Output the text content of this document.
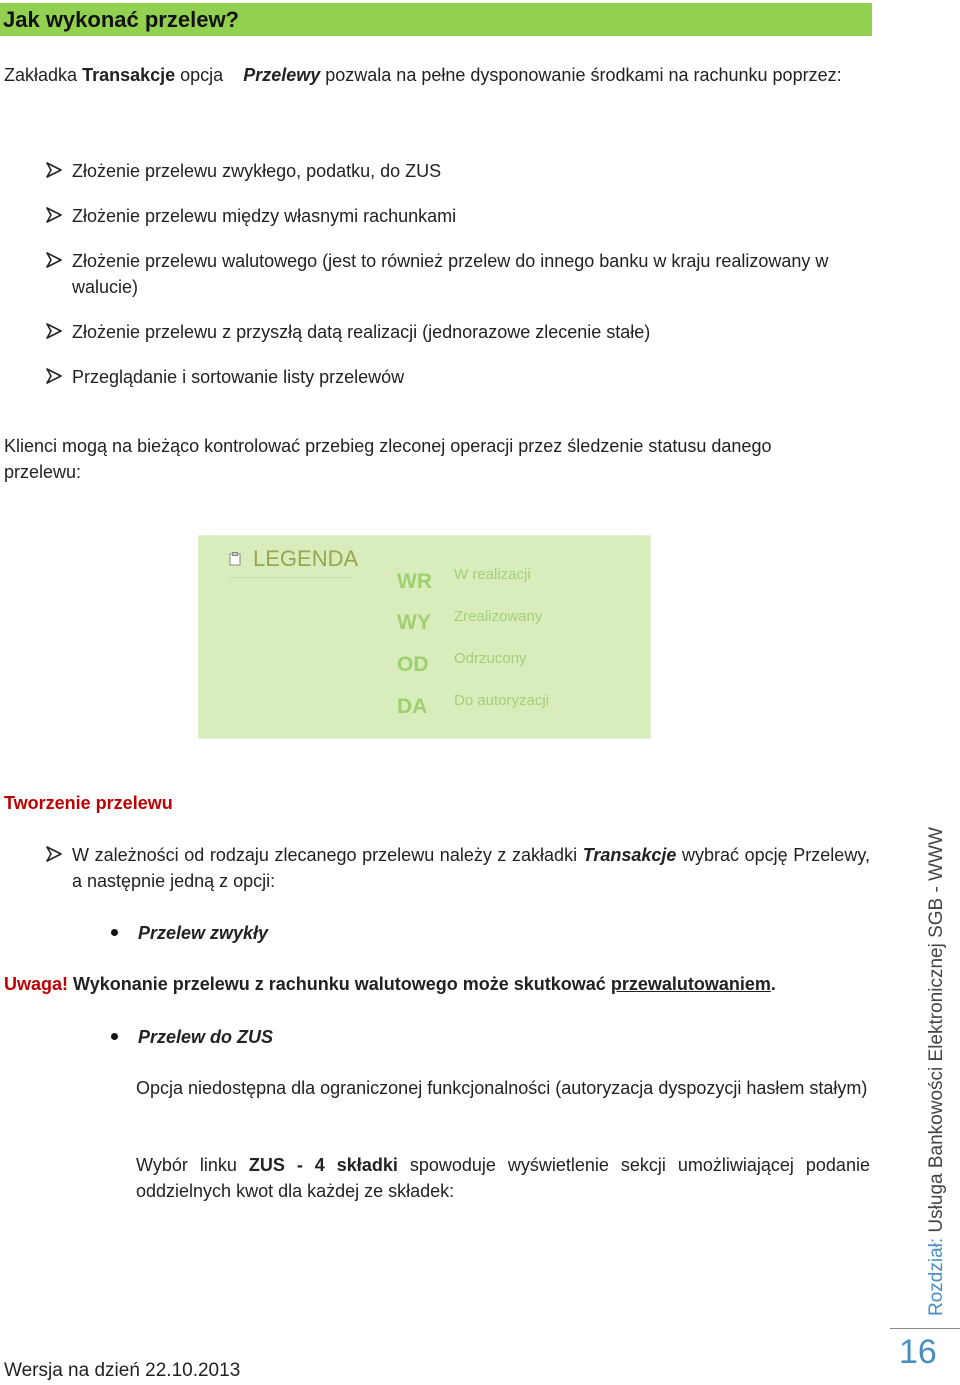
Jak wykonać przelew?
Zakładka Transakcje opcja Przelewy pozwala na pełne dysponowanie środkami na rachunku poprzez:
Złożenie przelewu zwykłego, podatku, do ZUS
Złożenie przelewu między własnymi rachunkami
Złożenie przelewu walutowego (jest to również przelew do innego banku w kraju realizowany w walucie)
Złożenie przelewu z przyszłą datą realizacji (jednorazowe zlecenie stałe)
Przeglądanie i sortowanie listy przelewów
Klienci mogą na bieżąco kontrolować przebieg zleconej operacji przez śledzenie statusu danego przelewu:
LEGENDA
WR W realizacji
WY Zrealizowany
OD Odrzucony
DA Do autoryzacji
Tworzenie przelewu
W zależności od rodzaju zlecanego przelewu należy z zakładki Transakcje wybrać opcję Przelewy, a następnie jedną z opcji:
Przelew zwykły
Uwaga! Wykonanie przelewu z rachunku walutowego może skutkować przewalutowaniem.
Przelew do ZUS
Opcja niedostępna dla ograniczonej funkcjonalności (autoryzacja dyspozycji hasłem stałym)
Wybór linku ZUS - 4 składki spowoduje wyświetlenie sekcji umożliwiającej podanie oddzielnych kwot dla każdej ze składek:
Rozdział: Usługa Bankowości Elektronicznej SGB - WWW
16
Wersja na dzień 22.10.2013
